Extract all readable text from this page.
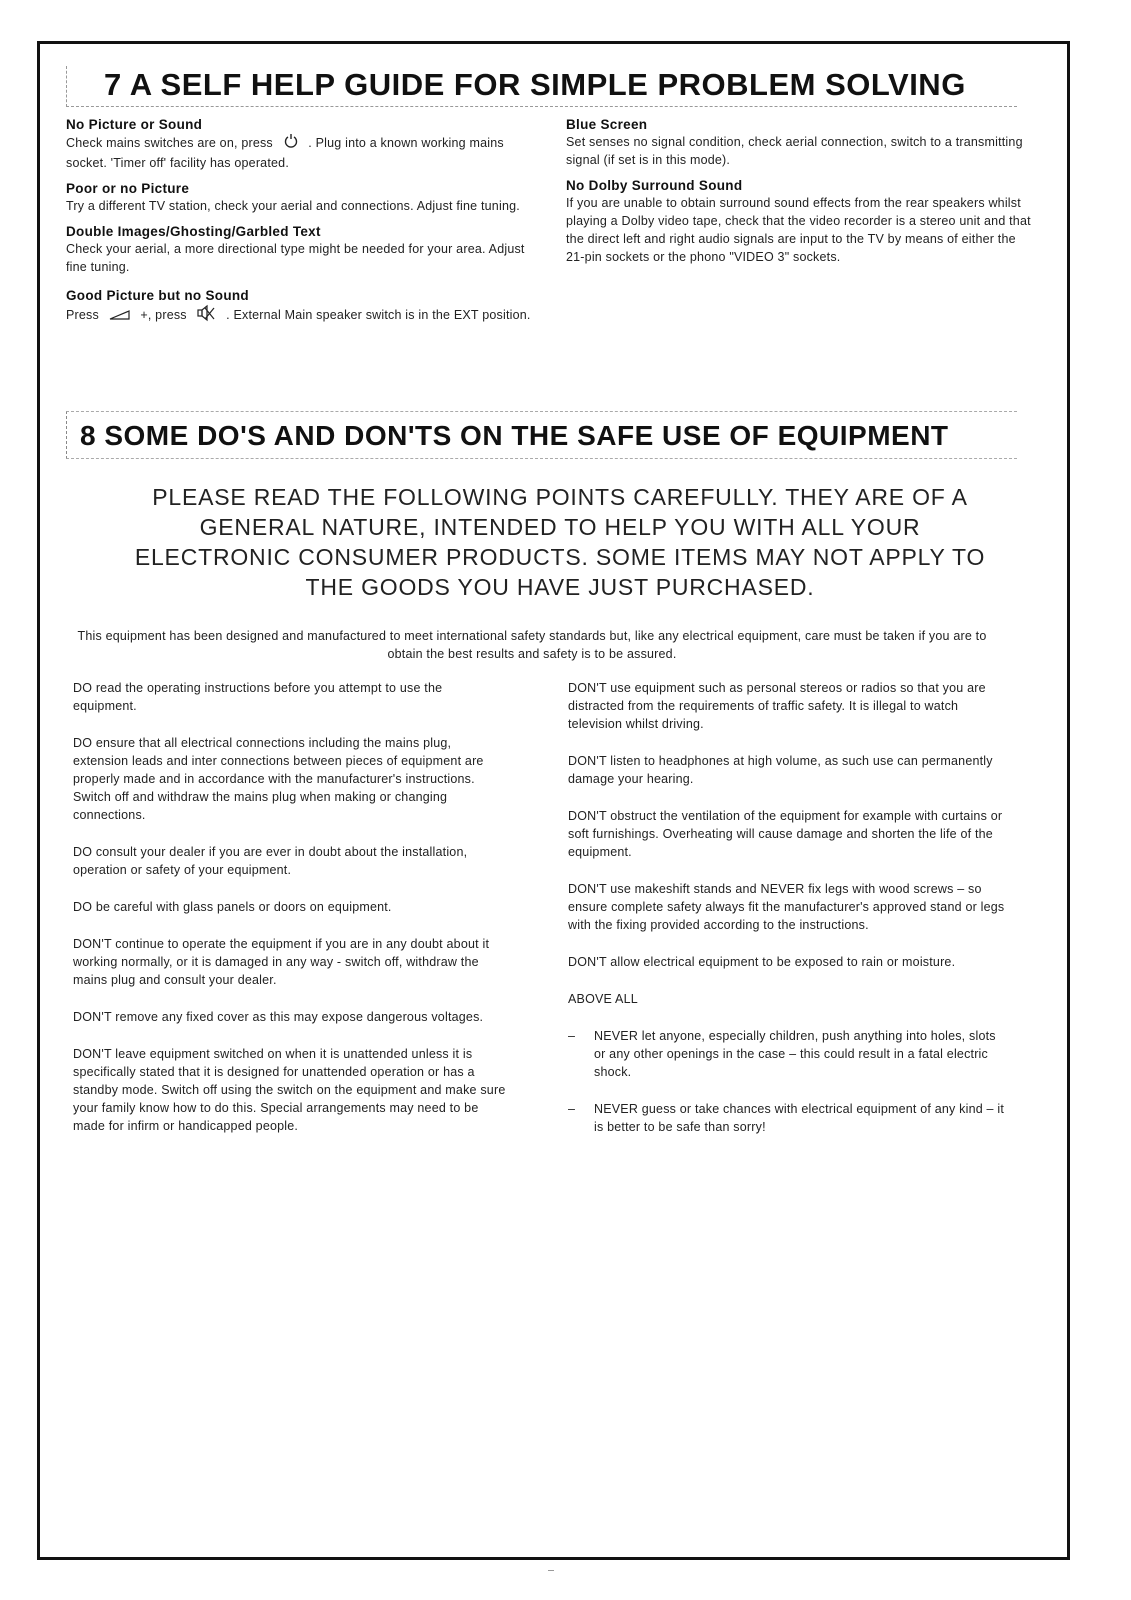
7 A SELF HELP GUIDE FOR SIMPLE PROBLEM SOLVING
No Picture or Sound
Check mains switches are on, press	. Plug into a known working mains socket. 'Timer off' facility has operated.
Poor or no Picture
Try a different TV station, check your aerial and connections. Adjust fine tuning.
Double Images/Ghosting/Garbled Text
Check your aerial, a more directional type might be needed for your area. Adjust fine tuning.
Good Picture but no Sound
Press	+, press	. External Main speaker switch is in the EXT position.
Blue Screen
Set senses no signal condition, check aerial connection, switch to a transmitting signal (if set is in this mode).
No Dolby Surround Sound
If you are unable to obtain surround sound effects from the rear speakers whilst playing a Dolby video tape, check that the video recorder is a stereo unit and that the direct left and right audio signals are input to the TV by means of either the 21-pin sockets or the phono "VIDEO 3" sockets.
8 SOME DO'S AND DON'TS ON THE SAFE USE OF EQUIPMENT
PLEASE READ THE FOLLOWING POINTS CAREFULLY. THEY ARE OF A
GENERAL NATURE, INTENDED TO HELP YOU WITH ALL YOUR
ELECTRONIC CONSUMER PRODUCTS. SOME ITEMS MAY NOT APPLY TO
THE GOODS YOU HAVE JUST PURCHASED.
This equipment has been designed and manufactured to meet international safety standards but, like any electrical equipment, care must be taken if you are to obtain the best results and safety is to be assured.
DO read the operating instructions before you attempt to use the equipment.
DO ensure that all electrical connections including the mains plug, extension leads and inter connections between pieces of equipment are properly made and in accordance with the manufacturer's instructions. Switch off and withdraw the mains plug when making or changing connections.
DO consult your dealer if you are ever in doubt about the installation, operation or safety of your equipment.
DO be careful with glass panels or doors on equipment.
DON'T continue to operate the equipment if you are in any doubt about it working normally, or it is damaged in any way - switch off, withdraw the mains plug and consult your dealer.
DON'T remove any fixed cover as this may expose dangerous voltages.
DON'T leave equipment switched on when it is unattended unless it is specifically stated that it is designed for unattended operation or has a standby mode. Switch off using the switch on the equipment and make sure your family know how to do this. Special arrangements may need to be made for infirm or handicapped people.
DON'T use equipment such as personal stereos or radios so that you are distracted from the requirements of traffic safety. It is illegal to watch television whilst driving.
DON'T listen to headphones at high volume, as such use can permanently damage your hearing.
DON'T obstruct the ventilation of the equipment for example with curtains or soft furnishings. Overheating will cause damage and shorten the life of the equipment.
DON'T use makeshift stands and NEVER fix legs with wood screws – so ensure complete safety always fit the manufacturer's approved stand or legs with the fixing provided according to the instructions.
DON'T allow electrical equipment to be exposed to rain or moisture.
ABOVE ALL
–	NEVER let anyone, especially children, push anything into holes, slots or any other openings in the case – this could result in a fatal electric shock.
–	NEVER guess or take chances with electrical equipment of any kind – it is better to be safe than sorry!
